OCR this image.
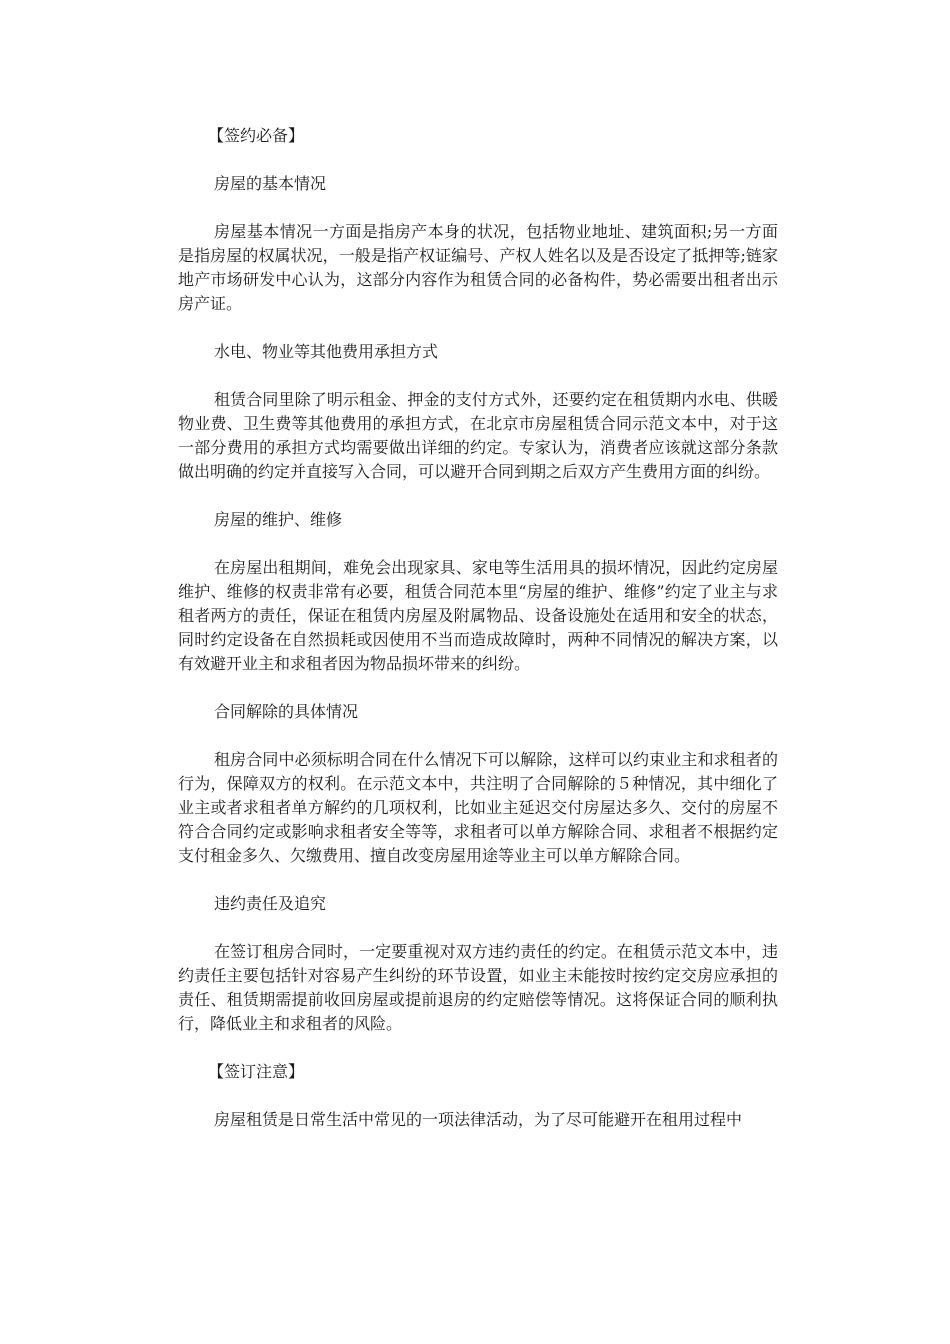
【签约必备】

房屋的基本情况

房屋基本情况一方面是指房产本身的状况，包括物业地址、建筑面积;另一方面是指房屋的权属状况，一般是指产权证编号、产权人姓名以及是否设定了抵押等;链家地产市场研发中心认为，这部分内容作为租赁合同的必备构件，势必需要出租者出示房产证。

水电、物业等其他费用承担方式

租赁合同里除了明示租金、押金的支付方式外，还要约定在租赁期内水电、供暖物业费、卫生费等其他费用的承担方式，在北京市房屋租赁合同示范文本中，对于这一部分费用的承担方式均需要做出详细的约定。专家认为，消费者应该就这部分条款做出明确的约定并直接写入合同，可以避开合同到期之后双方产生费用方面的纠纷。

房屋的维护、维修

在房屋出租期间，难免会出现家具、家电等生活用具的损坏情况，因此约定房屋维护、维修的权责非常有必要，租赁合同范本里“房屋的维护、维修”约定了业主与求租者两方的责任，保证在租赁内房屋及附属物品、设备设施处在适用和安全的状态，同时约定设备在自然损耗或因使用不当而造成故障时，两种不同情况的解决方案，以有效避开业主和求租者因为物品损坏带来的纠纷。

合同解除的具体情况

租房合同中必须标明合同在什么情况下可以解除，这样可以约束业主和求租者的行为，保障双方的权利。在示范文本中，共注明了合同解除的５种情况，其中细化了业主或者求租者单方解约的几项权利，比如业主延迟交付房屋达多久、交付的房屋不符合合同约定或影响求租者安全等等，求租者可以单方解除合同、求租者不根据约定支付租金多久、欠缴费用、擅自改变房屋用途等业主可以单方解除合同。

违约责任及追究

在签订租房合同时，一定要重视对双方违约责任的约定。在租赁示范文本中，违约责任主要包括针对容易产生纠纷的环节设置，如业主未能按时按约定交房应承担的责任、租赁期需提前收回房屋或提前退房的约定赔偿等情况。这将保证合同的顺利执行，降低业主和求租者的风险。

【签订注意】

房屋租赁是日常生活中常见的一项法律活动，为了尽可能避开在租用过程中
